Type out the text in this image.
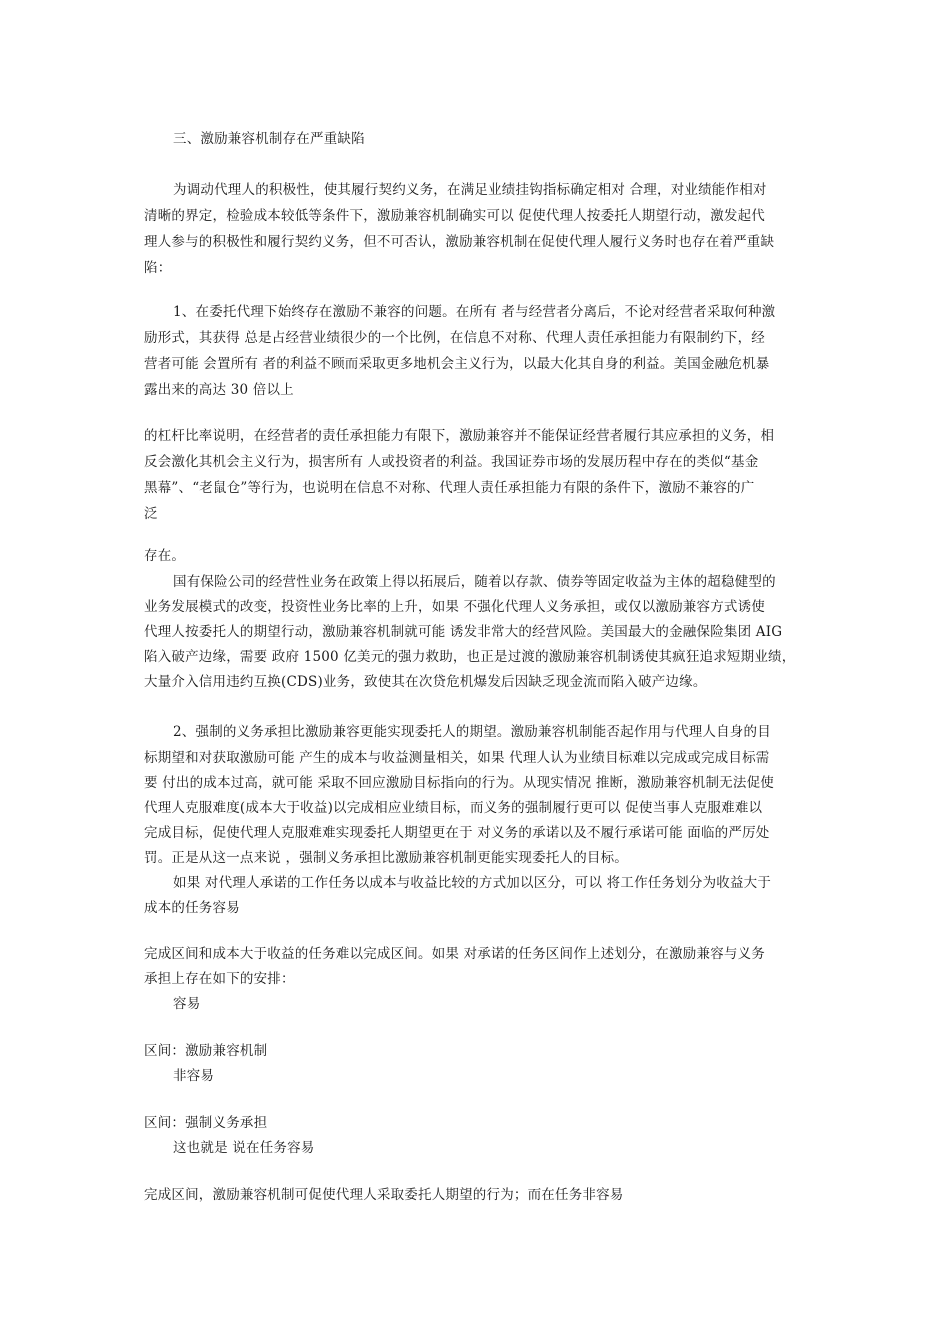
三、激励兼容机制存在严重缺陷
为调动代理人的积极性，使其履行契约义务，在满足业绩挂钩指标确定相对 合理，对业绩能作相对
清晰的界定，检验成本较低等条件下，激励兼容机制确实可以 促使代理人按委托人期望行动，激发起代
理人参与的积极性和履行契约义务，但不可否认，激励兼容机制在促使代理人履行义务时也存在着严重缺
陷：
1、在委托代理下始终存在激励不兼容的问题。在所有 者与经营者分离后，不论对经营者采取何种激
励形式，其获得 总是占经营业绩很少的一个比例，在信息不对称、代理人责任承担能力有限制约下，经
营者可能 会置所有 者的利益不顾而采取更多地机会主义行为，以最大化其自身的利益。美国金融危机暴
露出来的高达 30 倍以上
的杠杆比率说明，在经营者的责任承担能力有限下，激励兼容并不能保证经营者履行其应承担的义务，相
反会激化其机会主义行为，损害所有 人或投资者的利益。我国证券市场的发展历程中存在的类似“基金
黑幕”、“老鼠仓”等行为，也说明在信息不对称、代理人责任承担能力有限的条件下，激励不兼容的广
泛
存在。
国有保险公司的经营性业务在政策上得以拓展后，随着以存款、债券等固定收益为主体的超稳健型的
业务发展模式的改变，投资性业务比率的上升，如果 不强化代理人义务承担，或仅以激励兼容方式诱使
代理人按委托人的期望行动，激励兼容机制就可能 诱发非常大的经营风险。美国最大的金融保险集团 AIG
陷入破产边缘，需要 政府 1500 亿美元的强力救助，也正是过渡的激励兼容机制诱使其疯狂追求短期业绩，
大量介入信用违约互换(CDS)业务，致使其在次贷危机爆发后因缺乏现金流而陷入破产边缘。
2、强制的义务承担比激励兼容更能实现委托人的期望。激励兼容机制能否起作用与代理人自身的目
标期望和对获取激励可能 产生的成本与收益测量相关，如果 代理人认为业绩目标难以完成或完成目标需
要 付出的成本过高，就可能 采取不回应激励目标指向的行为。从现实情况 推断，激励兼容机制无法促使
代理人克服难度(成本大于收益)以完成相应业绩目标，而义务的强制履行更可以 促使当事人克服难难以
完成目标，促使代理人克服难难实现委托人期望更在于 对义务的承诺以及不履行承诺可能 面临的严厉处
罚。正是从这一点来说 ，强制义务承担比激励兼容机制更能实现委托人的目标。
如果 对代理人承诺的工作任务以成本与收益比较的方式加以区分，可以 将工作任务划分为收益大于
成本的任务容易
完成区间和成本大于收益的任务难以完成区间。如果 对承诺的任务区间作上述划分，在激励兼容与义务
承担上存在如下的安排：
容易
区间：激励兼容机制
非容易
区间：强制义务承担
这也就是 说在任务容易
完成区间，激励兼容机制可促使代理人采取委托人期望的行为；而在任务非容易
